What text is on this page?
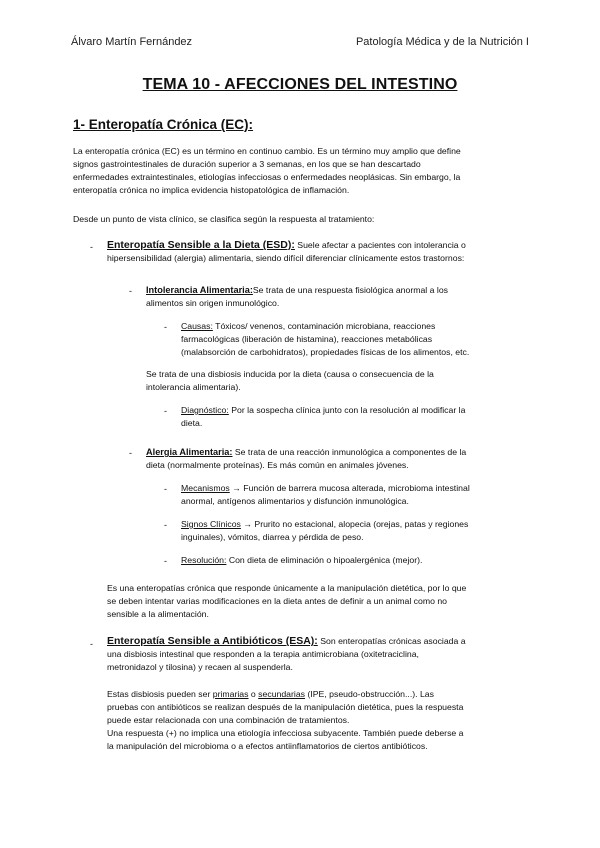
Álvaro Martín Fernández	Patología Médica y de la Nutrición I
TEMA 10 - AFECCIONES DEL INTESTINO
1- Enteropatía Crónica (EC):
La enteropatía crónica (EC) es un término en continuo cambio. Es un término muy amplio que define
signos gastrointestinales de duración superior a 3 semanas, en los que se han descartado
enfermedades extraintestinales, etiologías infecciosas o enfermedades neoplásicas. Sin embargo, la
enteropatía crónica no implica evidencia histopatológica de inflamación.
Desde un punto de vista clínico, se clasifica según la respuesta al tratamiento:
- Enteropatía Sensible a la Dieta (ESD): Suele afectar a pacientes con intolerancia o
hipersensibilidad (alergia) alimentaria, siendo difícil diferenciar clínicamente estos trastornos:
- Intolerancia Alimentaria:Se trata de una respuesta fisiológica anormal a los
alimentos sin origen inmunológico.
- Causas: Tóxicos/ venenos, contaminación microbiana, reacciones
farmacológicas (liberación de histamina), reacciones metabólicas
(malabsorción de carbohidratos), propiedades físicas de los alimentos, etc.
Se trata de una disbiosis inducida por la dieta (causa o consecuencia de la
intolerancia alimentaria).
- Diagnóstico: Por la sospecha clínica junto con la resolución al modificar la
dieta.
- Alergia Alimentaria: Se trata de una reacción inmunológica a componentes de la
dieta (normalmente proteínas). Es más común en animales jóvenes.
- Mecanismos → Función de barrera mucosa alterada, microbioma intestinal
anormal, antígenos alimentarios y disfunción inmunológica.
- Signos Clínicos → Prurito no estacional, alopecia (orejas, patas y regiones
inguinales), vómitos, diarrea y pérdida de peso.
- Resolución: Con dieta de eliminación o hipoalergénica (mejor).
Es una enteropatías crónica que responde únicamente a la manipulación dietética, por lo que
se deben intentar varias modificaciones en la dieta antes de definir a un animal como no
sensible a la alimentación.
- Enteropatía Sensible a Antibióticos (ESA): Son enteropatías crónicas asociada a
una disbiosis intestinal que responden a la terapia antimicrobiana (oxitetraciclina,
metronidazol y tilosina) y recaen al suspenderla.
Estas disbiosis pueden ser primarias o secundarias (IPE, pseudo-obstrucción...). Las
pruebas con antibióticos se realizan después de la manipulación dietética, pues la respuesta
puede estar relacionada con una combinación de tratamientos.
Una respuesta (+) no implica una etiología infecciosa subyacente. También puede deberse a
la manipulación del microbioma o a efectos antiinflamatorios de ciertos antibióticos.
